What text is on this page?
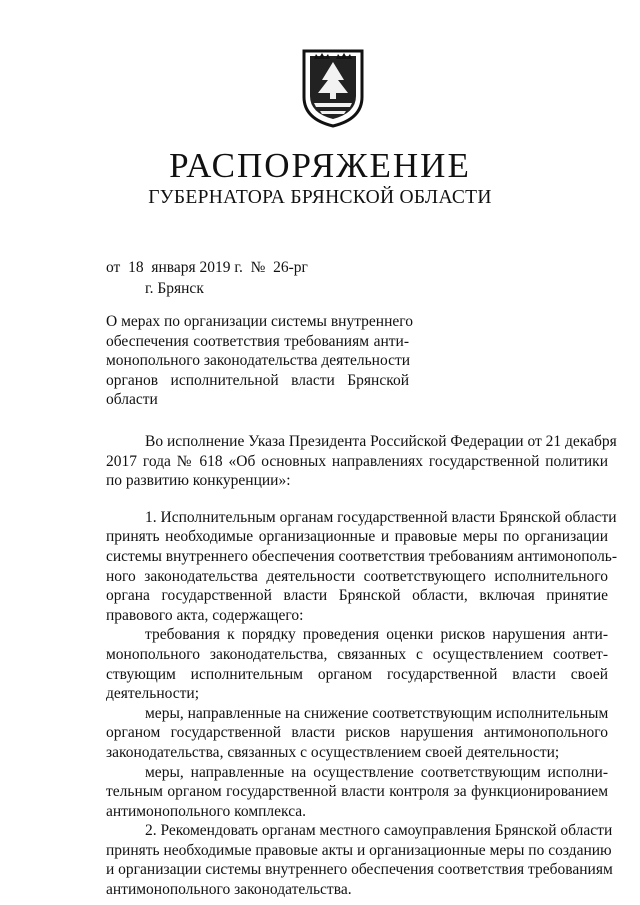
РАСПОРЯЖЕНИЕ
ГУБЕРНАТОРА БРЯНСКОЙ ОБЛАСТИ
от  18  января 2019 г.  №  26-рг
г. Брянск
О мерах по организации системы внутреннего
обеспечения соответствия требованиям анти-
монопольного законодательства деятельности
органов исполнительной власти Брянской
области
Во исполнение Указа Президента Российской Федерации от 21 декабря
2017 года № 618 «Об основных направлениях государственной политики
по развитию конкуренции»:
1. Исполнительным органам государственной власти Брянской области
принять необходимые организационные и правовые меры по организации
системы внутреннего обеспечения соответствия требованиям антимонополь-
ного законодательства деятельности соответствующего исполнительного
органа государственной власти Брянской области, включая принятие
правового акта, содержащего:
требования к порядку проведения оценки рисков нарушения анти-
монопольного законодательства, связанных с осуществлением соответ-
ствующим исполнительным органом государственной власти своей
деятельности;
меры, направленные на снижение соответствующим исполнительным
органом государственной власти рисков нарушения антимонопольного
законодательства, связанных с осуществлением своей деятельности;
меры, направленные на осуществление соответствующим исполни-
тельным органом государственной власти контроля за функционированием
антимонопольного комплекса.
2. Рекомендовать органам местного самоуправления Брянской области
принять необходимые правовые акты и организационные меры по созданию
и организации системы внутреннего обеспечения соответствия требованиям
антимонопольного законодательства.
